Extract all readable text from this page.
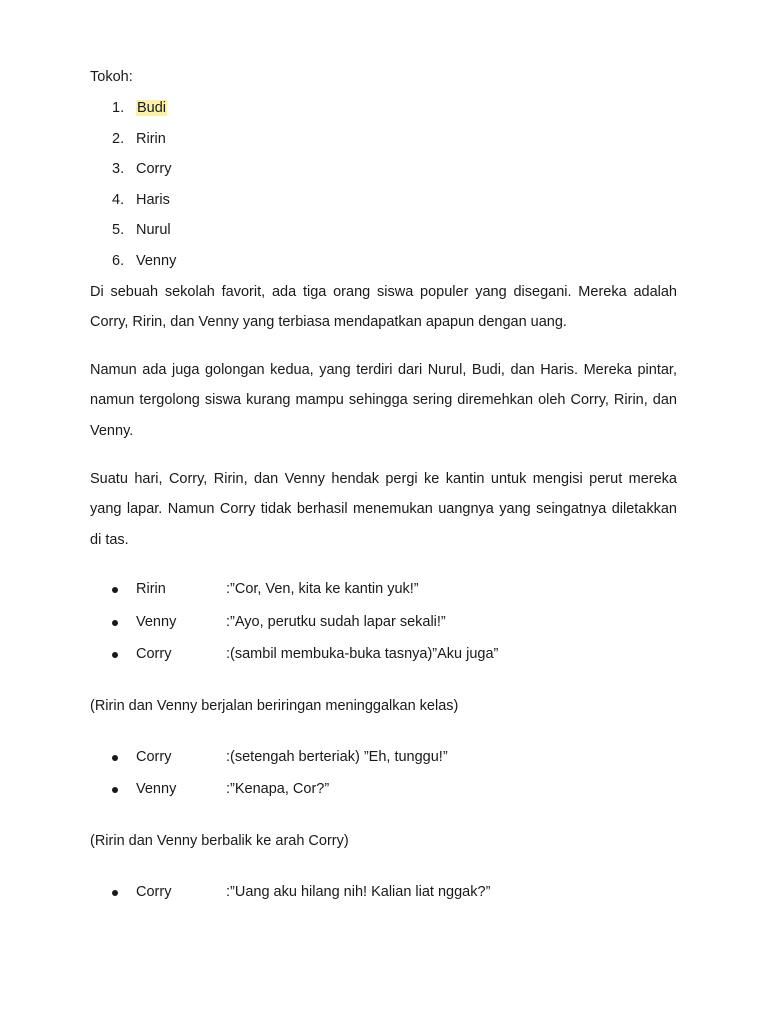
Tokoh:
1. Budi
2. Ririn
3. Corry
4. Haris
5. Nurul
6. Venny

Di sebuah sekolah favorit, ada tiga orang siswa populer yang disegani. Mereka adalah Corry, Ririn, dan Venny yang terbiasa mendapatkan apapun dengan uang.

Namun ada juga golongan kedua, yang terdiri dari Nurul, Budi, dan Haris. Mereka pintar, namun tergolong siswa kurang mampu sehingga sering diremehkan oleh Corry, Ririn, dan Venny.

Suatu hari, Corry, Ririn, dan Venny hendak pergi ke kantin untuk mengisi perut mereka yang lapar. Namun Corry tidak berhasil menemukan uangnya yang seingatnya diletakkan di tas.

Ririn	:”Cor, Ven, kita ke kantin yuk!”
Venny	:”Ayo, perutku sudah lapar sekali!”
Corry	:(sambil membuka-buka tasnya)”Aku juga”

(Ririn dan Venny berjalan beriringan meninggalkan kelas)

Corry	:(setengah berteriak) ”Eh, tunggu!”
Venny	:”Kenapa, Cor?”

(Ririn dan Venny berbalik ke arah Corry)

Corry	:”Uang aku hilang nih! Kalian liat nggak?”
